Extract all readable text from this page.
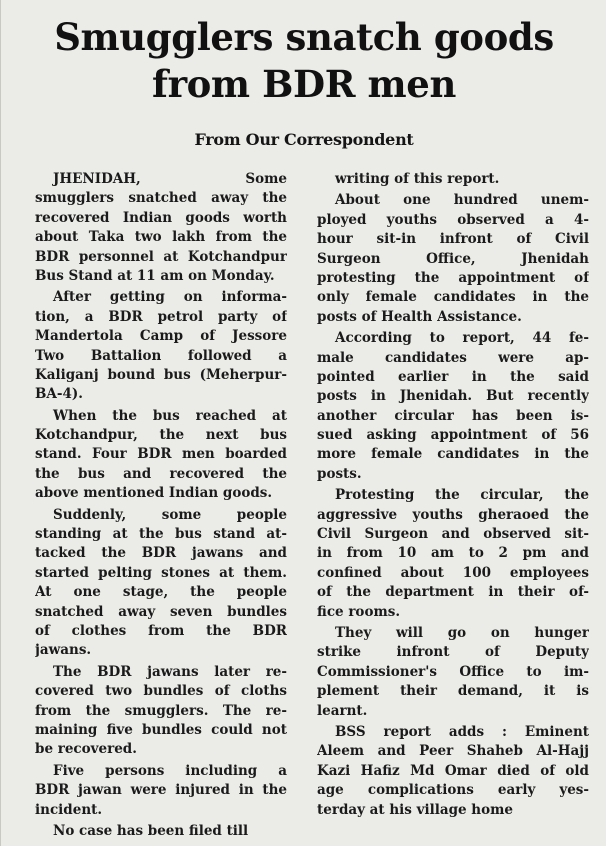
Smugglers snatch goods
from BDR men
From Our Correspondent
JHENIDAH, Some
smugglers snatched away the
recovered Indian goods worth
about Taka two lakh from the
BDR personnel at Kotchandpur
Bus Stand at 11 am on Monday.
After getting on informa-
tion, a BDR petrol party of
Mandertola Camp of Jessore
Two Battalion followed a
Kaliganj bound bus (Meherpur-
BA-4).
When the bus reached at
Kotchandpur, the next bus
stand. Four BDR men boarded
the bus and recovered the
above mentioned Indian goods.
Suddenly, some people
standing at the bus stand at-
tacked the BDR jawans and
started pelting stones at them.
At one stage, the people
snatched away seven bundles
of clothes from the BDR
jawans.
The BDR jawans later re-
covered two bundles of cloths
from the smugglers. The re-
maining five bundles could not
be recovered.
Five persons including a
BDR jawan were injured in the
incident.
No case has been filed till
writing of this report.
About one hundred unem-
ployed youths observed a 4-
hour sit-in infront of Civil
Surgeon Office, Jhenidah
protesting the appointment of
only female candidates in the
posts of Health Assistance.
According to report, 44 fe-
male candidates were ap-
pointed earlier in the said
posts in Jhenidah. But recently
another circular has been is-
sued asking appointment of 56
more female candidates in the
posts.
Protesting the circular, the
aggressive youths gheraoed the
Civil Surgeon and observed sit-
in from 10 am to 2 pm and
confined about 100 employees
of the department in their of-
fice rooms.
They will go on hunger
strike infront of Deputy
Commissioner's Office to im-
plement their demand, it is
learnt.
BSS report adds : Eminent
Aleem and Peer Shaheb Al-Hajj
Kazi Hafiz Md Omar died of old
age complications early yes-
terday at his village home
